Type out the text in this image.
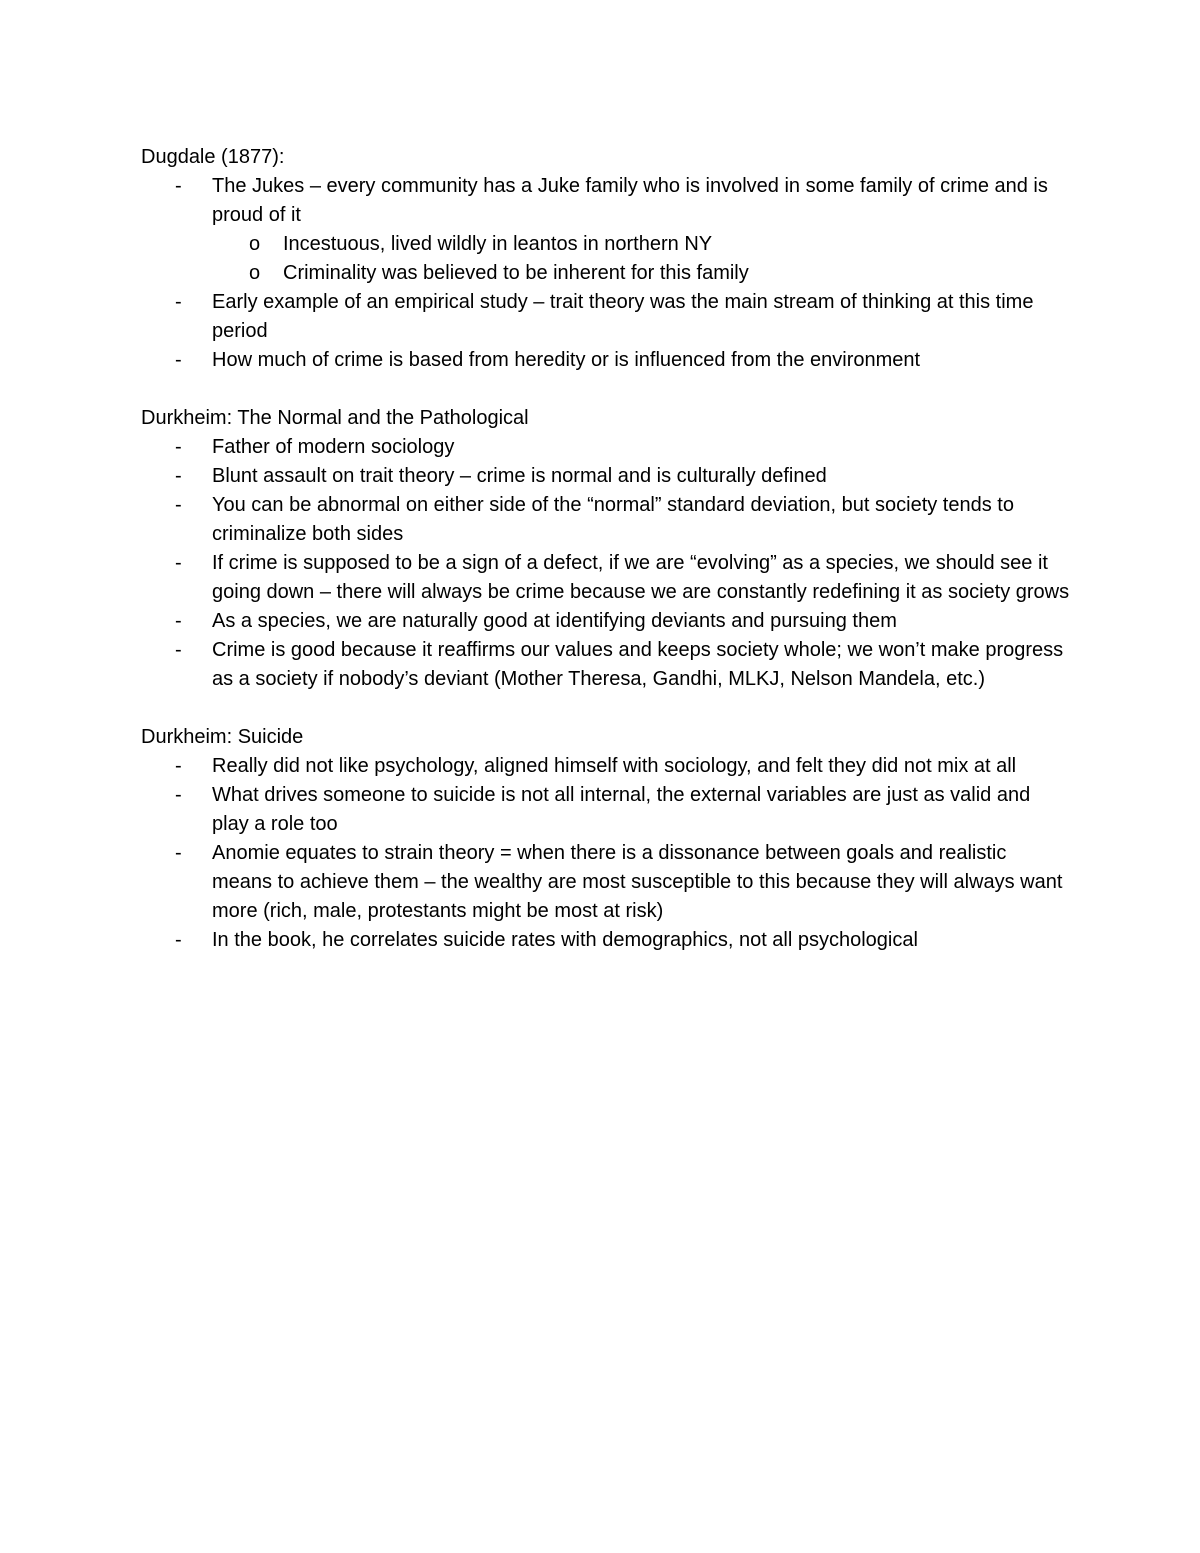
Dugdale (1877):

- The Jukes – every community has a Juke family who is involved in some family of crime and is proud of it
o Incestuous, lived wildly in leantos in northern NY
o Criminality was believed to be inherent for this family
- Early example of an empirical study – trait theory was the main stream of thinking at this time period
- How much of crime is based from heredity or is influenced from the environment

Durkheim: The Normal and the Pathological

- Father of modern sociology
- Blunt assault on trait theory – crime is normal and is culturally defined
- You can be abnormal on either side of the “normal” standard deviation, but society tends to criminalize both sides
- If crime is supposed to be a sign of a defect, if we are “evolving” as a species, we should see it going down – there will always be crime because we are constantly redefining it as society grows
- As a species, we are naturally good at identifying deviants and pursuing them
- Crime is good because it reaffirms our values and keeps society whole; we won’t make progress as a society if nobody’s deviant (Mother Theresa, Gandhi, MLKJ, Nelson Mandela, etc.)

Durkheim: Suicide

- Really did not like psychology, aligned himself with sociology, and felt they did not mix at all
- What drives someone to suicide is not all internal, the external variables are just as valid and play a role too
- Anomie equates to strain theory = when there is a dissonance between goals and realistic means to achieve them – the wealthy are most susceptible to this because they will always want more (rich, male, protestants might be most at risk)
- In the book, he correlates suicide rates with demographics, not all psychological
